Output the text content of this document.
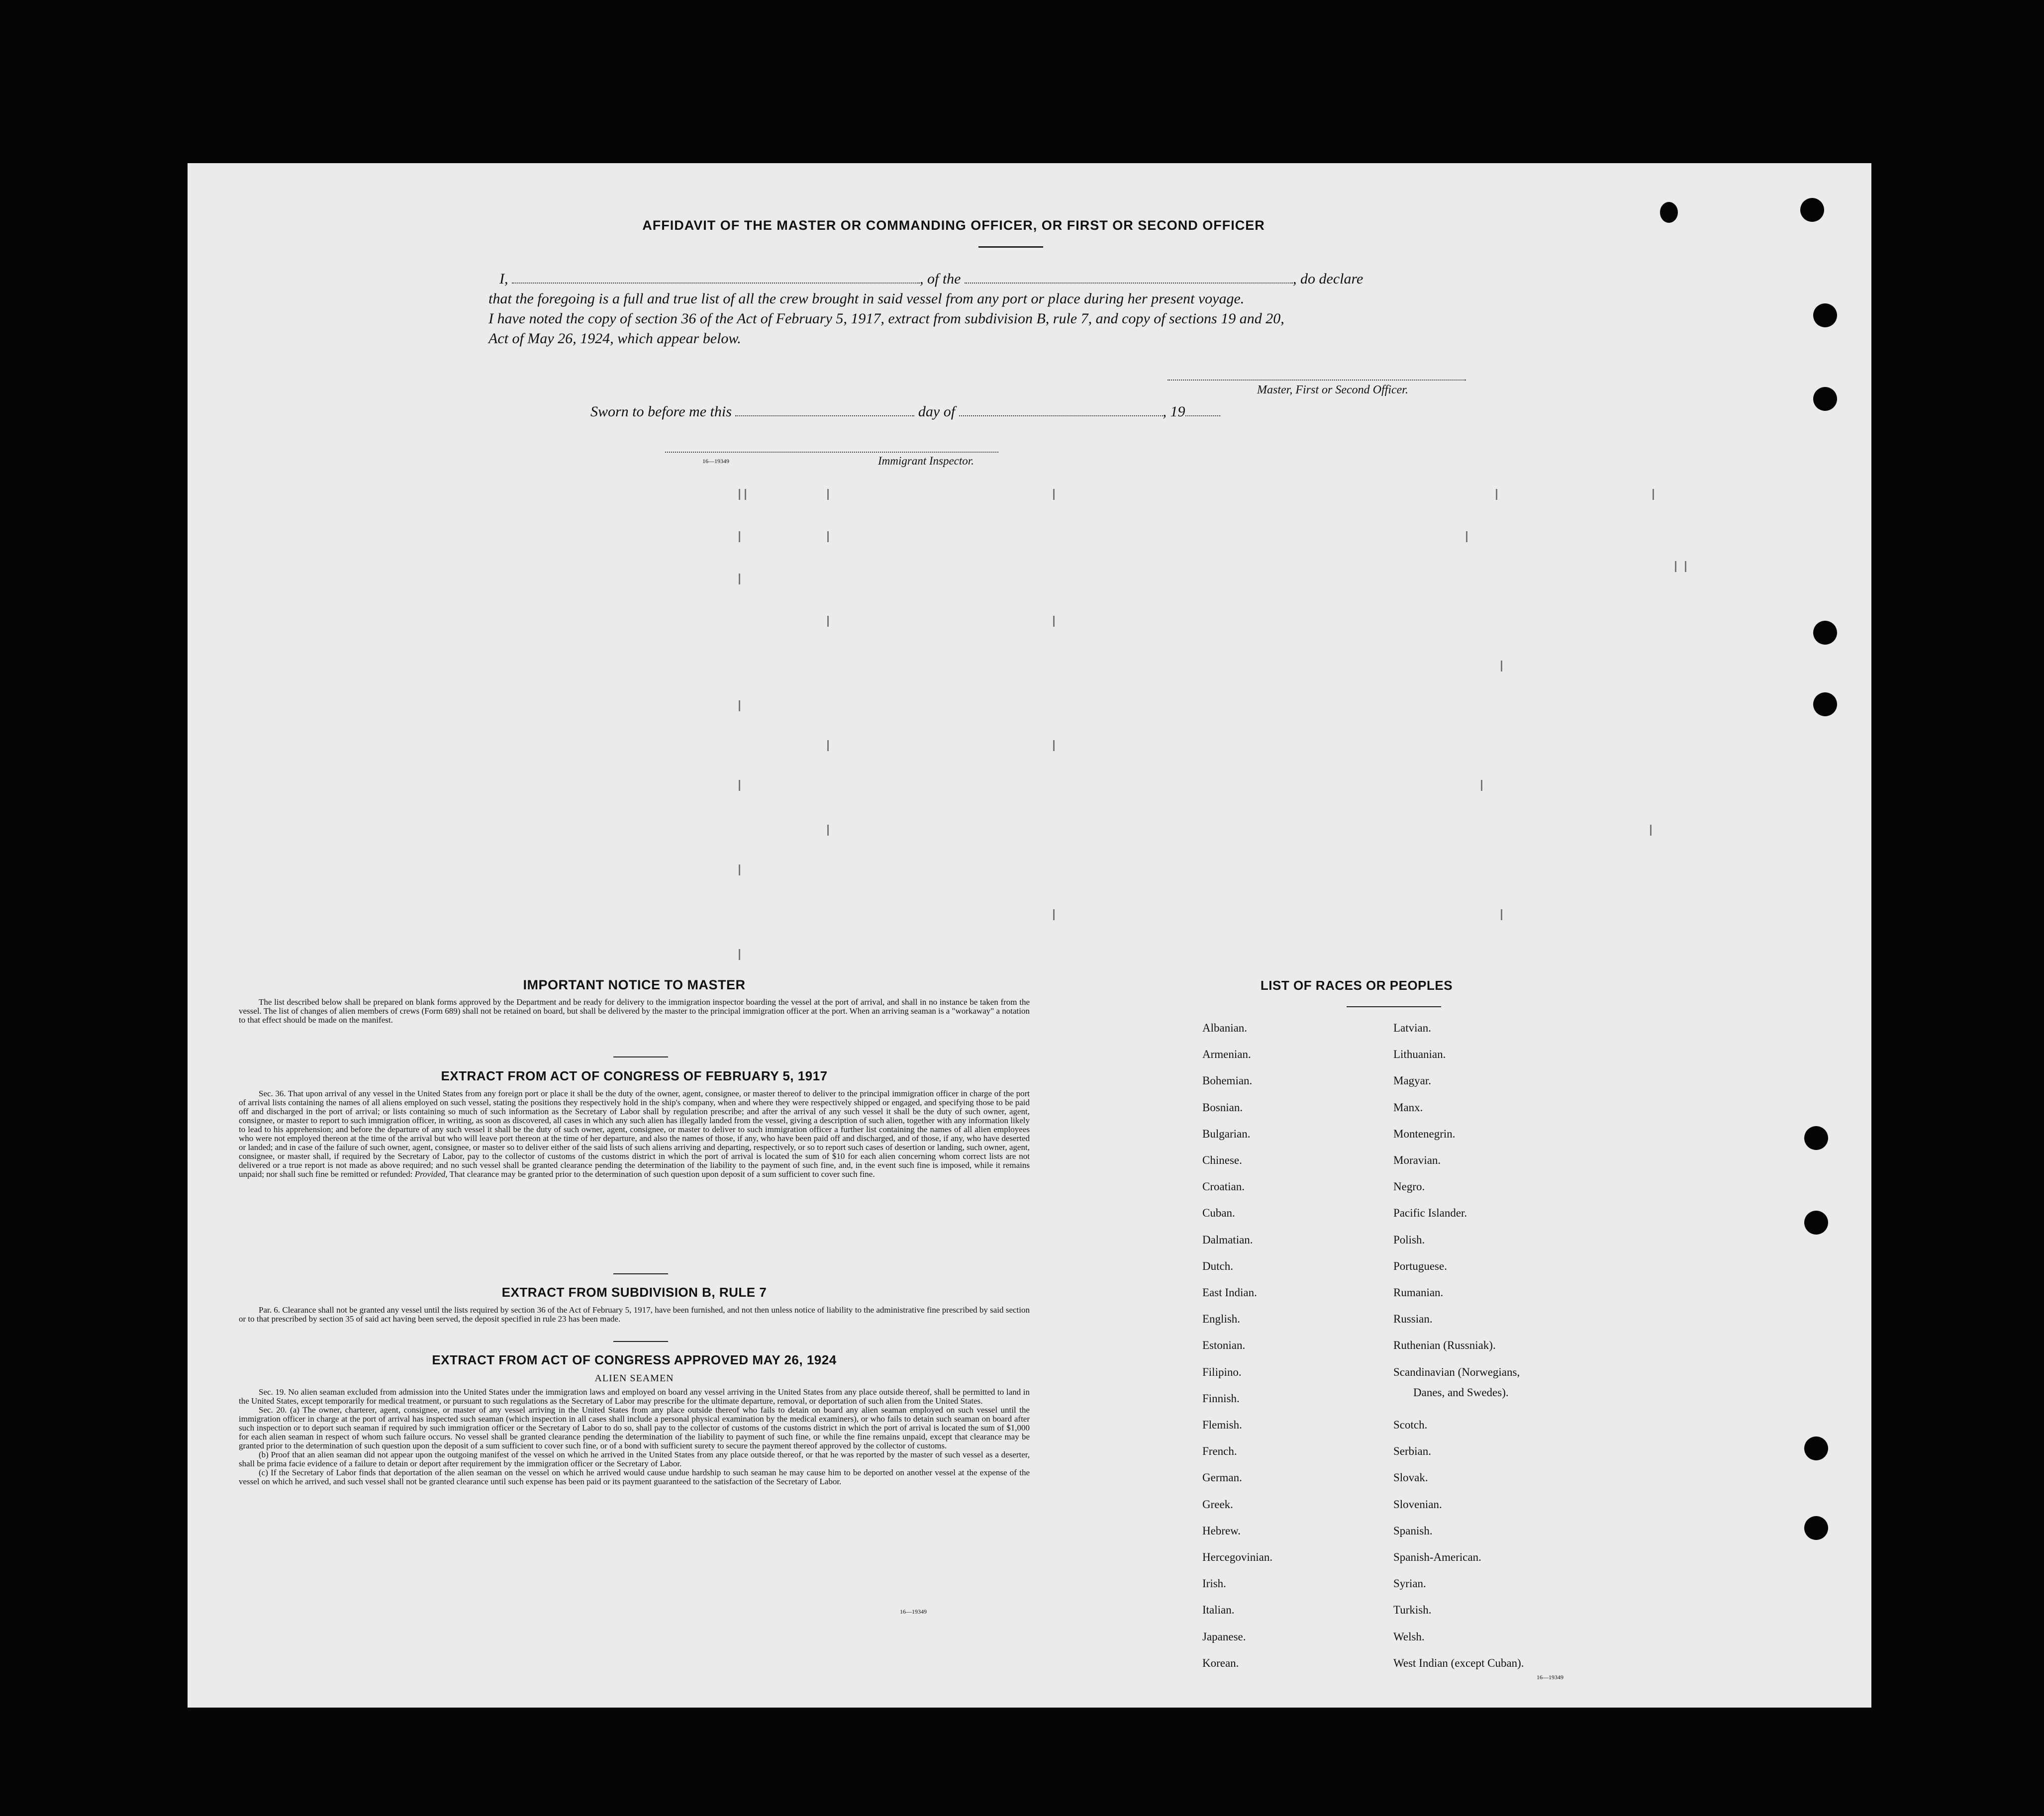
AFFIDAVIT OF THE MASTER OR COMMANDING OFFICER, OR FIRST OR SECOND OFFICER
I,	, of the	, do declare
that the foregoing is a full and true list of all the crew brought in said vessel from any port or place during her present voyage.
I have noted the copy of section 36 of the Act of February 5, 1917, extract from subdivision B, rule 7, and copy of sections 19 and 20,
Act of May 26, 1924, which appear below.
Master, First or Second Officer.
Sworn to before me this	day of	, 19
16—19349	Immigrant Inspector.
IMPORTANT NOTICE TO MASTER
The list described below shall be prepared on blank forms approved by the Department and be ready for delivery to the immigration inspector boarding the vessel at the port of arrival, and shall in no instance be taken from the vessel. The list of changes of alien members of crews (Form 689) shall not be retained on board, but shall be delivered by the master to the principal immigration officer at the port. When an arriving seaman is a "workaway" a notation to that effect should be made on the manifest.
EXTRACT FROM ACT OF CONGRESS OF FEBRUARY 5, 1917
Sec. 36. That upon arrival of any vessel in the United States from any foreign port or place it shall be the duty of the owner, agent, consignee, or master thereof to deliver to the principal immigration officer in charge of the port of arrival lists containing the names of all aliens employed on such vessel, stating the positions they respectively hold in the ship's company, when and where they were respectively shipped or engaged, and specifying those to be paid off and discharged in the port of arrival; or lists containing so much of such information as the Secretary of Labor shall by regulation prescribe; and after the arrival of any such vessel it shall be the duty of such owner, agent, consignee, or master to report to such immigration officer, in writing, as soon as discovered, all cases in which any such alien has illegally landed from the vessel, giving a description of such alien, together with any information likely to lead to his apprehension; and before the departure of any such vessel it shall be the duty of such owner, agent, consignee, or master to deliver to such immigration officer a further list containing the names of all alien employees who were not employed thereon at the time of the arrival but who will leave port thereon at the time of her departure, and also the names of those, if any, who have been paid off and discharged, and of those, if any, who have deserted or landed; and in case of the failure of such owner, agent, consignee, or master so to deliver either of the said lists of such aliens arriving and departing, respectively, or so to report such cases of desertion or landing, such owner, agent, consignee, or master shall, if required by the Secretary of Labor, pay to the collector of customs of the customs district in which the port of arrival is located the sum of $10 for each alien concerning whom correct lists are not delivered or a true report is not made as above required; and no such vessel shall be granted clearance pending the determination of the liability to the payment of such fine, and, in the event such fine is imposed, while it remains unpaid; nor shall such fine be remitted or refunded: Provided, That clearance may be granted prior to the determination of such question upon deposit of a sum sufficient to cover such fine.
EXTRACT FROM SUBDIVISION B, RULE 7
Par. 6. Clearance shall not be granted any vessel until the lists required by section 36 of the Act of February 5, 1917, have been furnished, and not then unless notice of liability to the administrative fine prescribed by said section or to that prescribed by section 35 of said act having been served, the deposit specified in rule 23 has been made.
EXTRACT FROM ACT OF CONGRESS APPROVED MAY 26, 1924
ALIEN SEAMEN
Sec. 19. No alien seaman excluded from admission into the United States under the immigration laws and employed on board any vessel arriving in the United States from any place outside thereof, shall be permitted to land in the United States, except temporarily for medical treatment, or pursuant to such regulations as the Secretary of Labor may prescribe for the ultimate departure, removal, or deportation of such alien from the United States.
Sec. 20. (a) The owner, charterer, agent, consignee, or master of any vessel arriving in the United States from any place outside thereof who fails to detain on board any alien seaman employed on such vessel until the immigration officer in charge at the port of arrival has inspected such seaman (which inspection in all cases shall include a personal physical examination by the medical examiners), or who fails to detain such seaman on board after such inspection or to deport such seaman if required by such immigration officer or the Secretary of Labor to do so, shall pay to the collector of customs of the customs district in which the port of arrival is located the sum of $1,000 for each alien seaman in respect of whom such failure occurs. No vessel shall be granted clearance pending the determination of the liability to payment of such fine, or while the fine remains unpaid, except that clearance may be granted prior to the determination of such question upon the deposit of a sum sufficient to cover such fine, or of a bond with sufficient surety to secure the payment thereof approved by the collector of customs.
(b) Proof that an alien seaman did not appear upon the outgoing manifest of the vessel on which he arrived in the United States from any place outside thereof, or that he was reported by the master of such vessel as a deserter, shall be prima facie evidence of a failure to detain or deport after requirement by the immigration officer or the Secretary of Labor.
(c) If the Secretary of Labor finds that deportation of the alien seaman on the vessel on which he arrived would cause undue hardship to such seaman he may cause him to be deported on another vessel at the expense of the vessel on which he arrived, and such vessel shall not be granted clearance until such expense has been paid or its payment guaranteed to the satisfaction of the Secretary of Labor.
16—19349
LIST OF RACES OR PEOPLES
Danes, and Swedes).
16—19349
Albanian.
Armenian.
Bohemian.
Bosnian.
Bulgarian.
Chinese.
Croatian.
Cuban.
Dalmatian.
Dutch.
East Indian.
English.
Estonian.
Filipino.
Finnish.
Flemish.
French.
German.
Greek.
Hebrew.
Hercegovinian.
Irish.
Italian.
Japanese.
Korean.
Latvian.
Lithuanian.
Magyar.
Manx.
Montenegrin.
Moravian.
Negro.
Pacific Islander.
Polish.
Portuguese.
Rumanian.
Russian.
Ruthenian (Russniak).
Scandinavian (Norwegians,
Scotch.
Serbian.
Slovak.
Slovenian.
Spanish.
Spanish-American.
Syrian.
Turkish.
Welsh.
West Indian (except Cuban).
